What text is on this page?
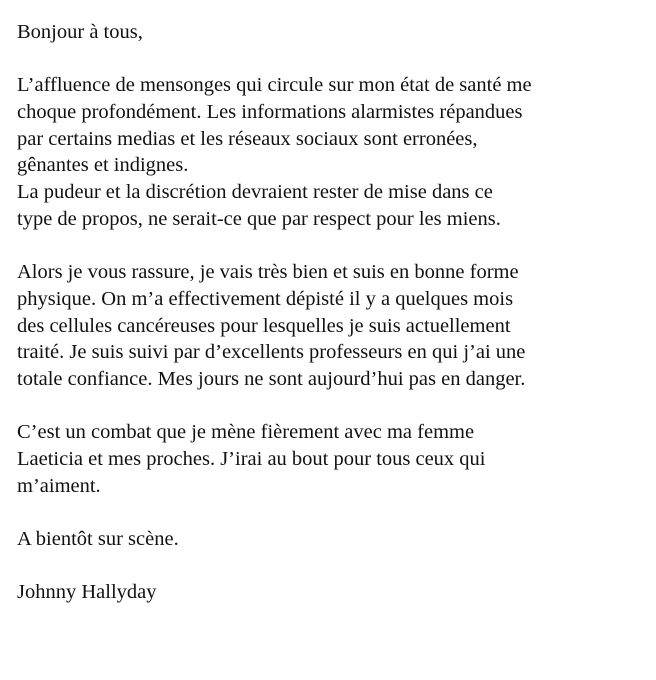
Bonjour à tous,
L’affluence de mensonges qui circule sur mon état de santé me
choque profondément. Les informations alarmistes répandues
par certains medias et les réseaux sociaux sont erronées,
gênantes et indignes.
La pudeur et la discrétion devraient rester de mise dans ce
type de propos, ne serait-ce que par respect pour les miens.
Alors je vous rassure, je vais très bien et suis en bonne forme
physique. On m’a effectivement dépisté il y a quelques mois
des cellules cancéreuses pour lesquelles je suis actuellement
traité. Je suis suivi par d’excellents professeurs en qui j’ai une
totale confiance. Mes jours ne sont aujourd’hui pas en danger.
C’est un combat que je mène fièrement avec ma femme
Laeticia et mes proches. J’irai au bout pour tous ceux qui
m’aiment.
A bientôt sur scène.
Johnny Hallyday
